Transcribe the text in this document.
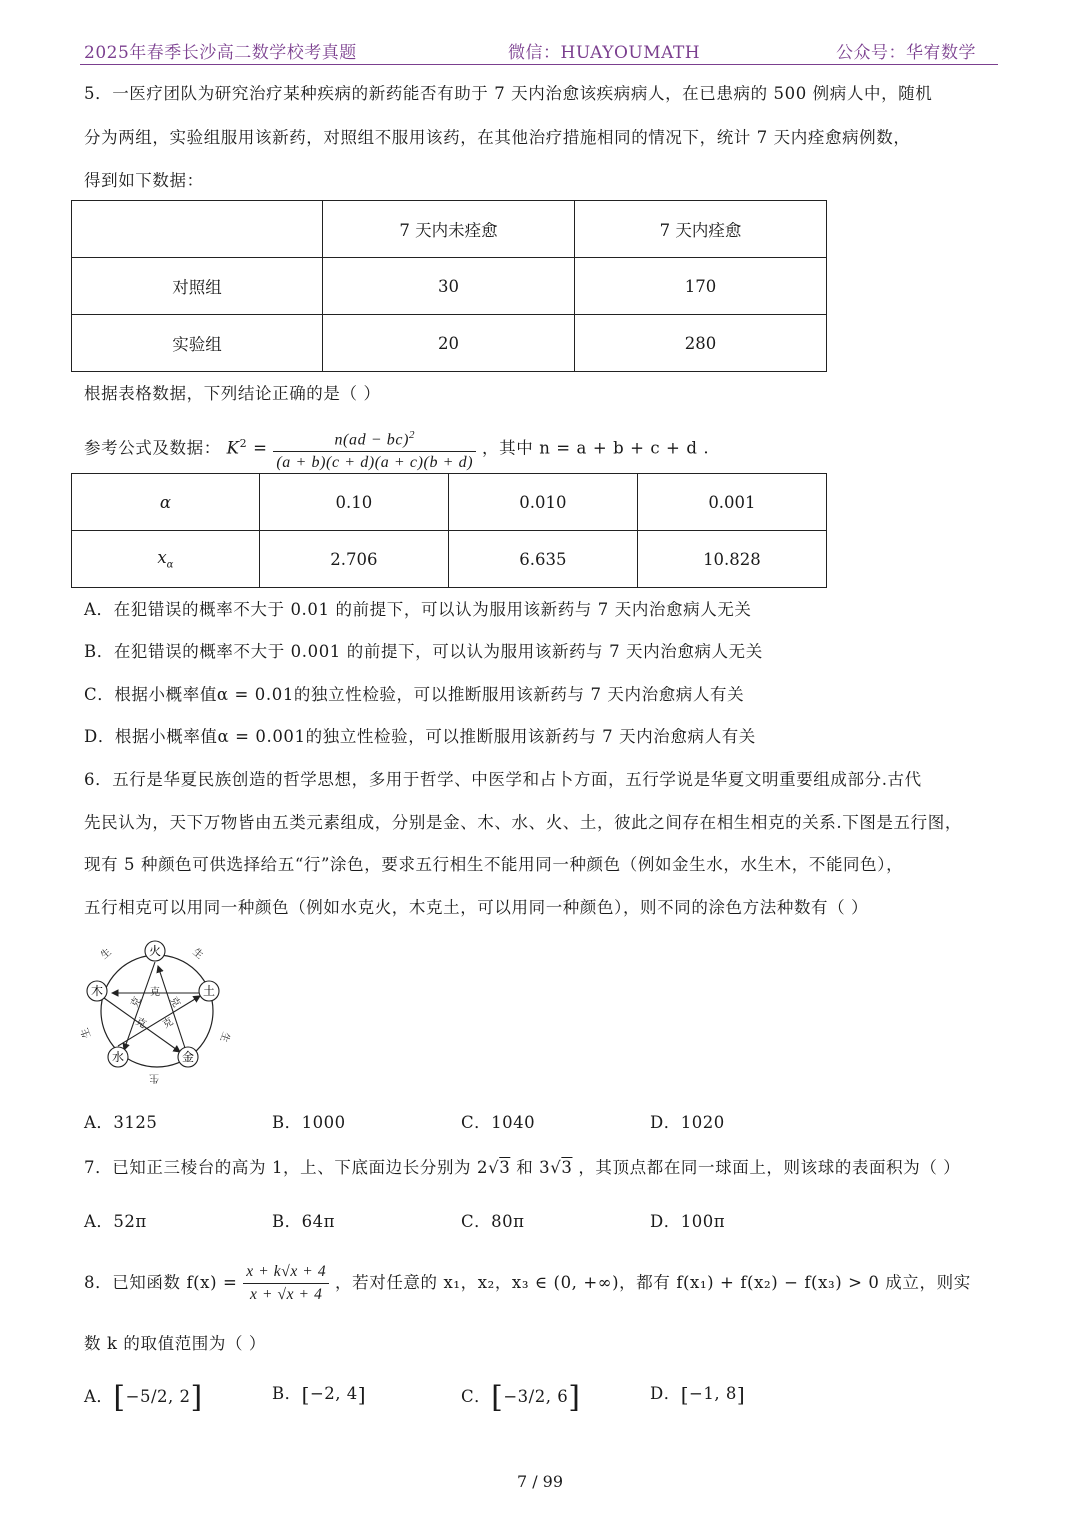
2025年春季长沙高二数学校考真题	微信：HUAYOUMATH	公众号：华宥数学
5．一医疗团队为研究治疗某种疾病的新药能否有助于 7 天内治愈该疾病病人，在已患病的 500 例病人中，随机
分为两组，实验组服用该新药，对照组不服用该药，在其他治疗措施相同的情况下，统计 7 天内痊愈病例数，
得到如下数据：
	7 天内未痊愈	7 天内痊愈
对照组	30	170
实验组	20	280
根据表格数据，下列结论正确的是（ ）
参考公式及数据： $K^2 = \frac{n(ad - bc)^2}{(a + b)(c + d)(a + c)(b + d)}$ ，其中 n = a + b + c + d .
α	0.10	0.010	0.001
$x_\alpha$	2.706	6.635	10.828
A．在犯错误的概率不大于 0.01 的前提下，可以认为服用该新药与 7 天内治愈病人无关
B．在犯错误的概率不大于 0.001 的前提下，可以认为服用该新药与 7 天内治愈病人无关
C．根据小概率值α = 0.01的独立性检验，可以推断服用该新药与 7 天内治愈病人有关
D．根据小概率值α = 0.001的独立性检验，可以推断服用该新药与 7 天内治愈病人有关
6．五行是华夏民族创造的哲学思想，多用于哲学、中医学和占卜方面，五行学说是华夏文明重要组成部分.古代
先民认为，天下万物皆由五类元素组成，分别是金、木、水、火、土，彼此之间存在相生相克的关系.下图是五行图，
现有 5 种颜色可供选择给五“行”涂色，要求五行相生不能用同一种颜色（例如金生水，水生木，不能同色），
五行相克可以用同一种颜色（例如水克火，木克土，可以用同一种颜色），则不同的涂色方法种数有（ ）
火
土
金
水
木
生	生
生
生
生
克
克
克
克
克
A．3125	B．1000	C．1040	D．1020
7．已知正三棱台的高为 1，上、下底面边长分别为 2√3 和 3√3 ，其顶点都在同一球面上，则该球的表面积为（ ）
A．52π	B．64π	C．80π	D．100π
8．已知函数 $f(x) = \frac{x + k√x + 4}{x + √x + 4}$ ，若对任意的 x₁，x₂，x₃ ∈ (0, +∞)，都有 f(x₁) + f(x₂) − f(x₃) > 0 成立，则实
数 k 的取值范围为（ ）
A．[−5/2, 2]	B．[−2, 4]	C．[−3/2, 6]	D．[−1, 8]
7 / 99
